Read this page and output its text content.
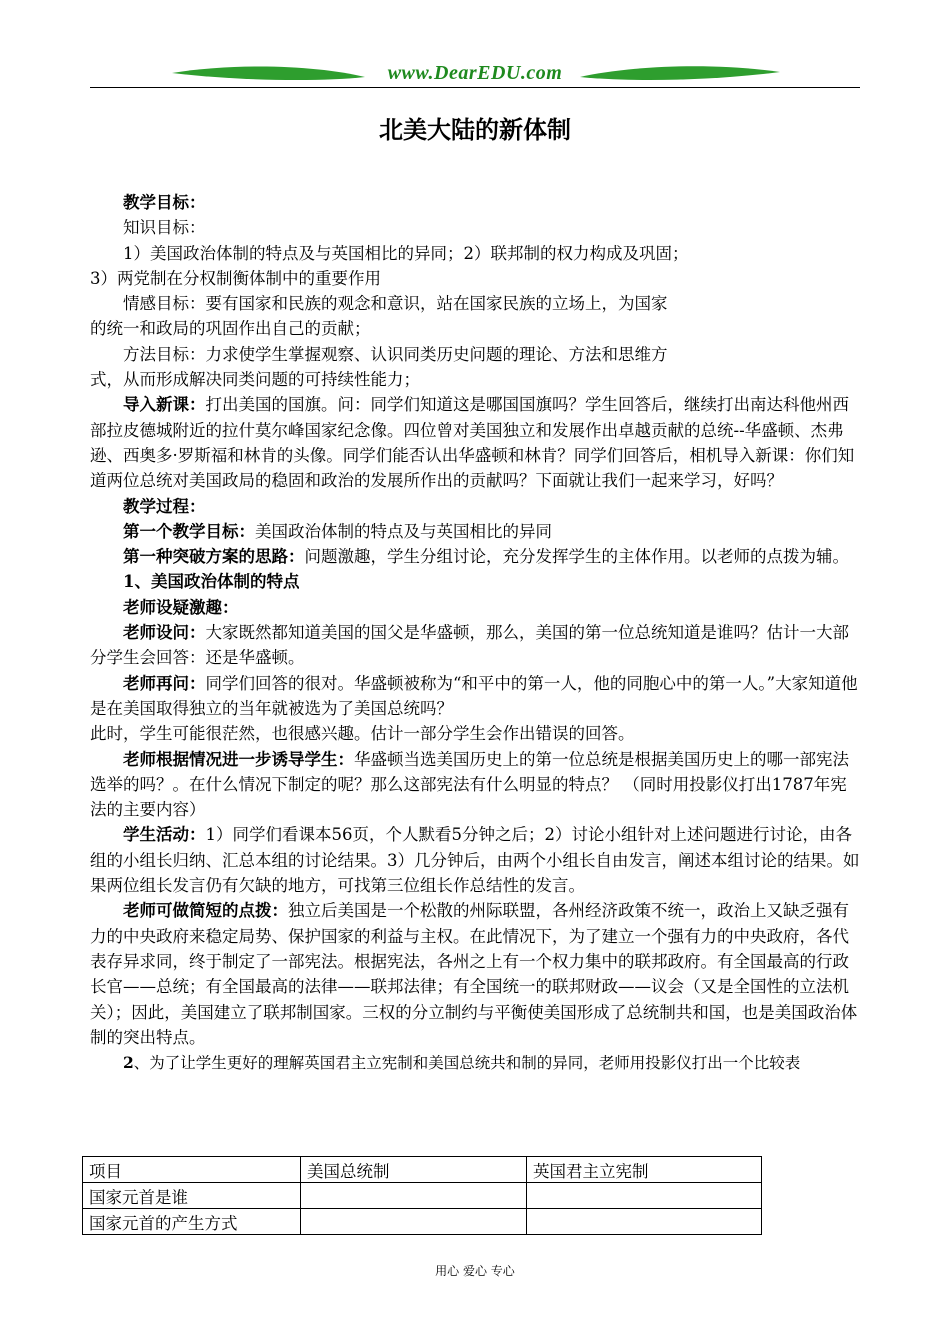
www.DearEDU.com
北美大陆的新体制

教学目标：

知识目标：

1）美国政治体制的特点及与英国相比的异同；2）联邦制的权力构成及巩固；

3）两党制在分权制衡体制中的重要作用

情感目标：要有国家和民族的观念和意识，站在国家民族的立场上，为国家

的统一和政局的巩固作出自己的贡献；

方法目标：力求使学生掌握观察、认识同类历史问题的理论、方法和思维方

式，从而形成解决同类问题的可持续性能力；

导入新课：打出美国的国旗。问：同学们知道这是哪国国旗吗？学生回答后，继续打出南达科他州西部拉皮德城附近的拉什莫尔峰国家纪念像。四位曾对美国独立和发展作出卓越贡献的总统--华盛顿、杰弗逊、西奥多·罗斯福和林肯的头像。同学们能否认出华盛顿和林肯？同学们回答后，相机导入新课：你们知道两位总统对美国政局的稳固和政治的发展所作出的贡献吗？下面就让我们一起来学习，好吗？

教学过程：

第一个教学目标：美国政治体制的特点及与英国相比的异同

第一种突破方案的思路：问题激趣，学生分组讨论，充分发挥学生的主体作用。以老师的点拨为辅。

1、美国政治体制的特点

老师设疑激趣：

老师设问：大家既然都知道美国的国父是华盛顿，那么，美国的第一位总统知道是谁吗？估计一大部分学生会回答：还是华盛顿。

老师再问：同学们回答的很对。华盛顿被称为“和平中的第一人，他的同胞心中的第一人。”大家知道他是在美国取得独立的当年就被选为了美国总统吗？

此时，学生可能很茫然，也很感兴趣。估计一部分学生会作出错误的回答。

老师根据情况进一步诱导学生：华盛顿当选美国历史上的第一位总统是根据美国历史上的哪一部宪法选举的吗？。在什么情况下制定的呢？那么这部宪法有什么明显的特点？ （同时用投影仪打出1787年宪法的主要内容）

学生活动：1）同学们看课本56页，个人默看5分钟之后；2）讨论小组针对上述问题进行讨论，由各组的小组长归纳、汇总本组的讨论结果。3）几分钟后，由两个小组长自由发言，阐述本组讨论的结果。如果两位组长发言仍有欠缺的地方，可找第三位组长作总结性的发言。

老师可做简短的点拨：独立后美国是一个松散的州际联盟，各州经济政策不统一，政治上又缺乏强有力的中央政府来稳定局势、保护国家的利益与主权。在此情况下，为了建立一个强有力的中央政府，各代表存异求同，终于制定了一部宪法。根据宪法，各州之上有一个权力集中的联邦政府。有全国最高的行政长官——总统；有全国最高的法律——联邦法律；有全国统一的联邦财政——议会（又是全国性的立法机关）；因此，美国建立了联邦制国家。三权的分立制约与平衡使美国形成了总统制共和国，也是美国政治体制的突出特点。

2、为了让学生更好的理解英国君主立宪制和美国总统共和制的异同，老师用投影仪打出一个比较表

项目	美国总统制	英国君主立宪制
国家元首是谁		
国家元首的产生方式		
用心 爱心 专心
